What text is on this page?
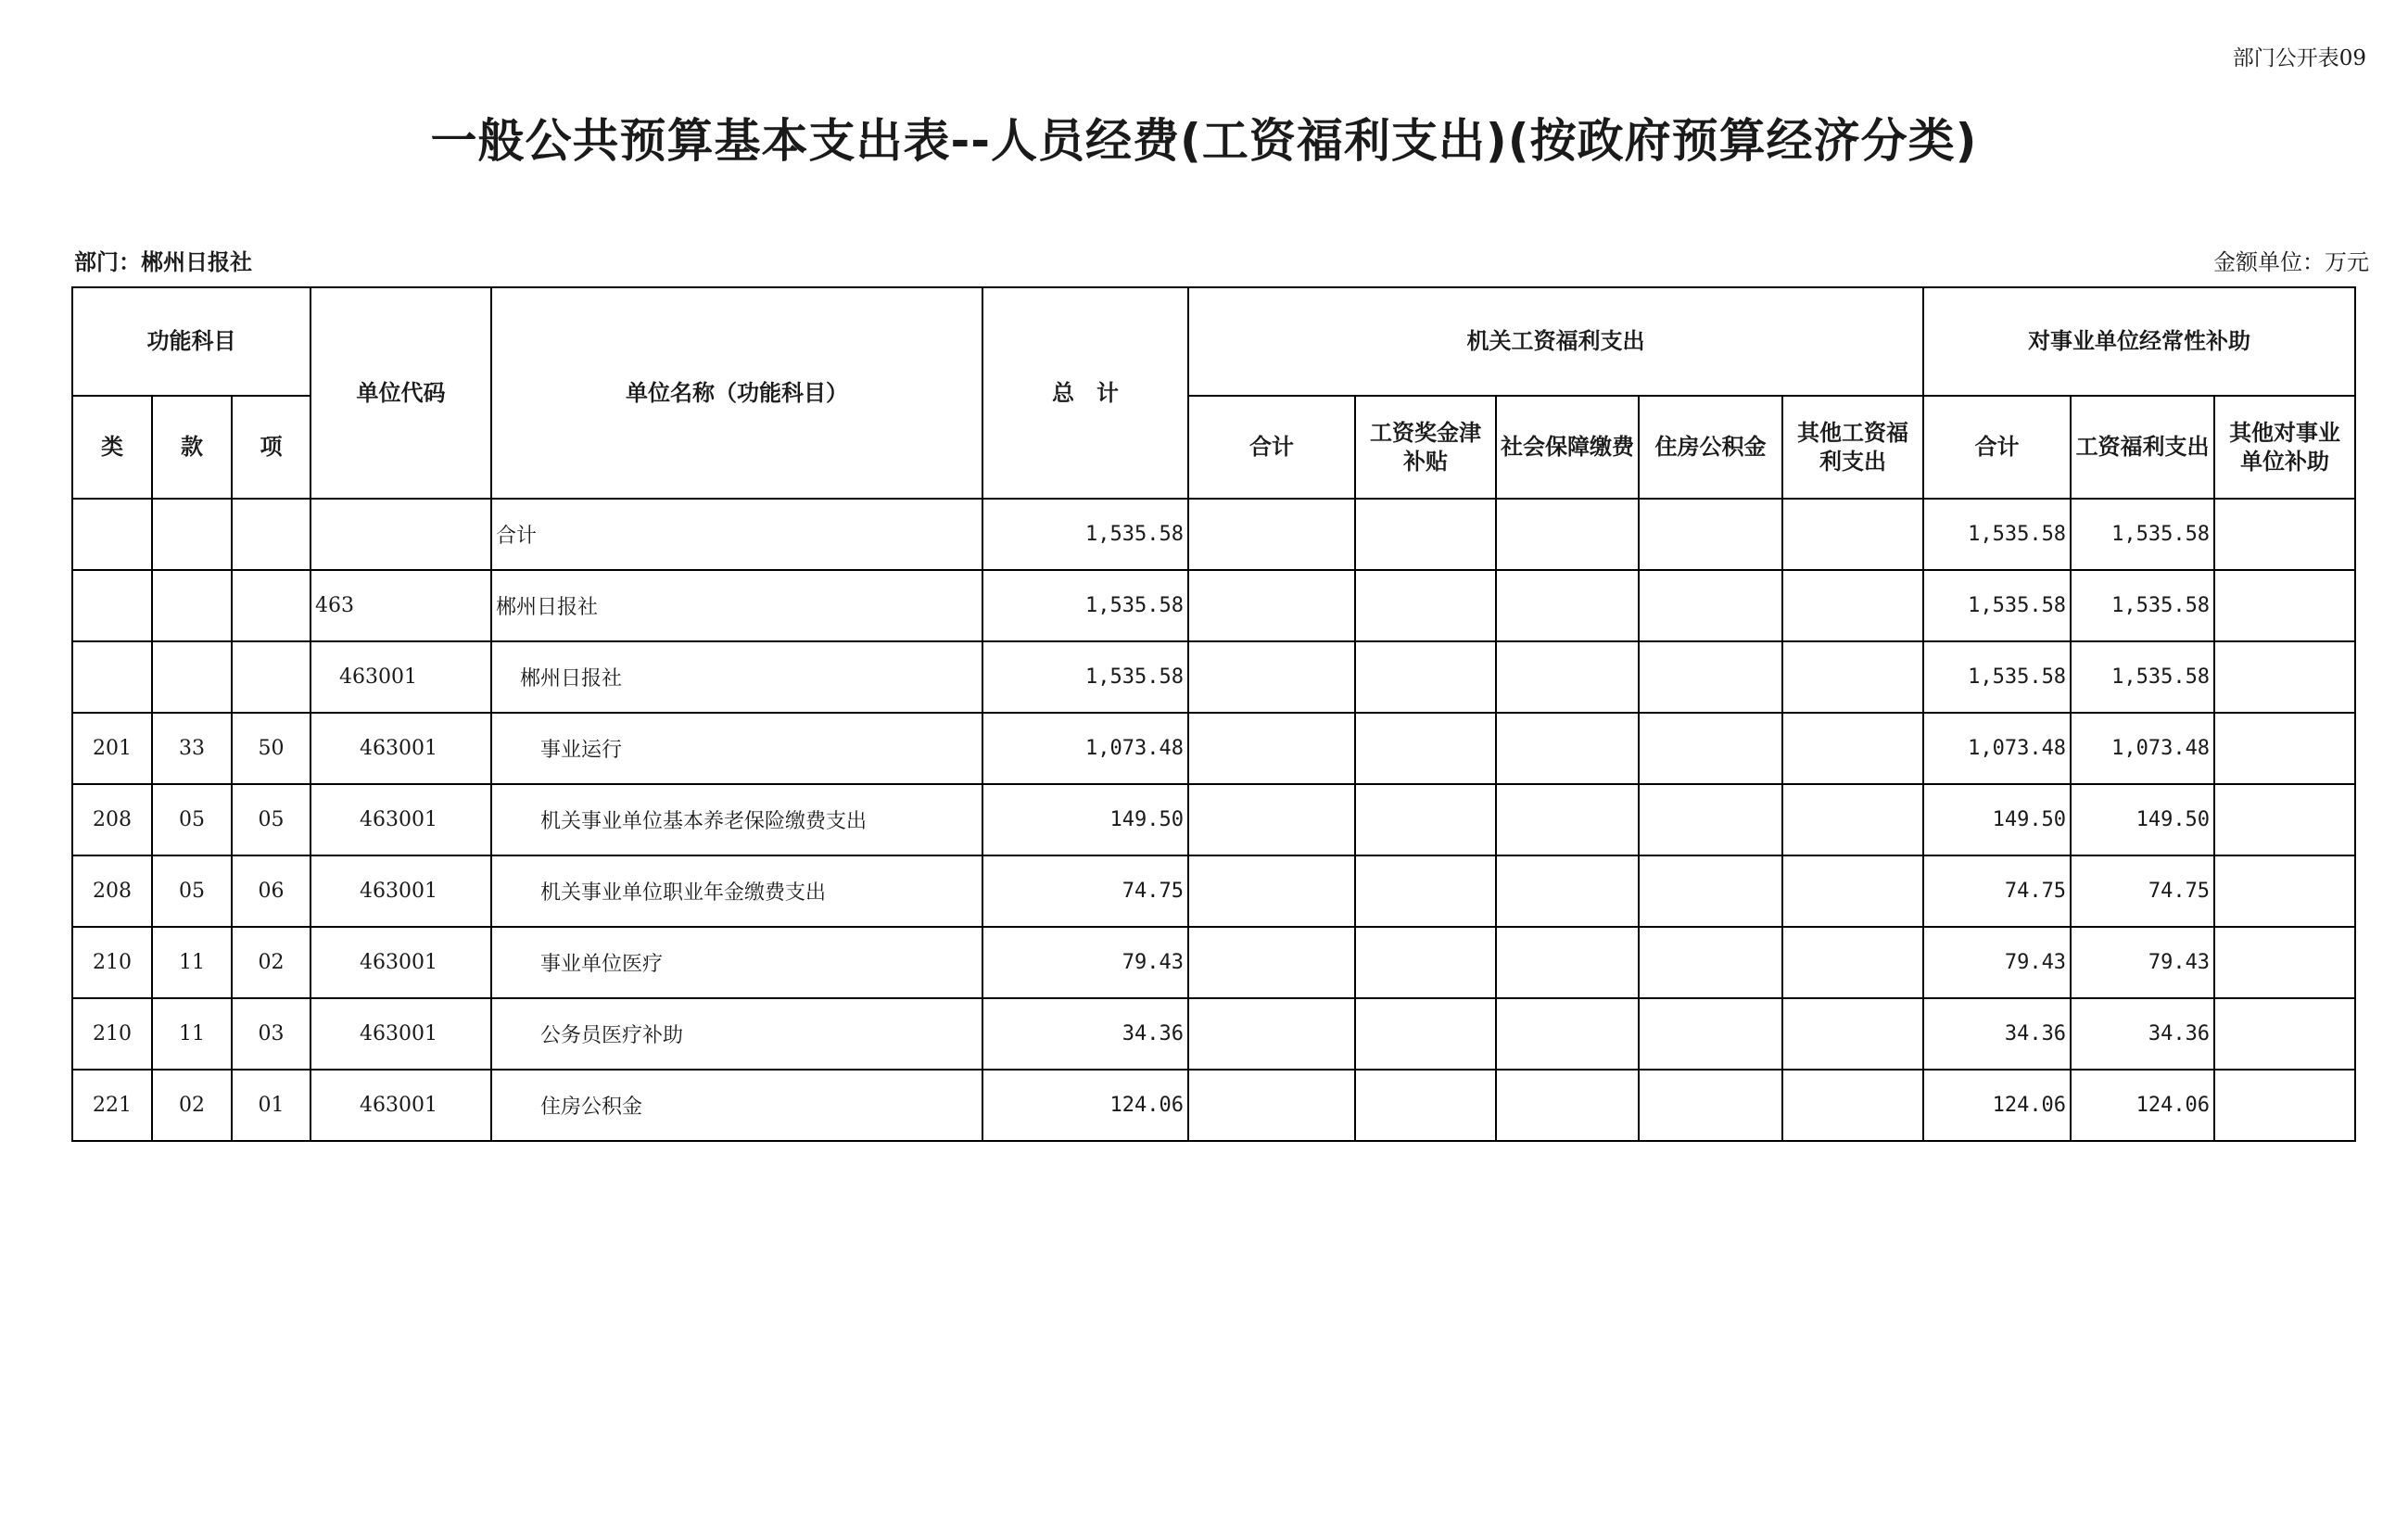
部门公开表09
一般公共预算基本支出表--人员经费(工资福利支出)(按政府预算经济分类)
部门：郴州日报社	金额单位：万元
功能科目			单位代码	单位名称（功能科目）	总　计	机关工资福利支出					对事业单位经常性补助		
类	款	项				合计	工资奖金津补贴	社会保障缴费	住房公积金	其他工资福利支出	合计	工资福利支出	其他对事业单位补助
				合计	1,535.58						1,535.58	1,535.58	
			463	郴州日报社	1,535.58						1,535.58	1,535.58	
			463001	郴州日报社	1,535.58						1,535.58	1,535.58	
201	33	50	463001	事业运行	1,073.48						1,073.48	1,073.48	
208	05	05	463001	机关事业单位基本养老保险缴费支出	149.50						149.50	149.50	
208	05	06	463001	机关事业单位职业年金缴费支出	74.75						74.75	74.75	
210	11	02	463001	事业单位医疗	79.43						79.43	79.43	
210	11	03	463001	公务员医疗补助	34.36						34.36	34.36	
221	02	01	463001	住房公积金	124.06						124.06	124.06	
